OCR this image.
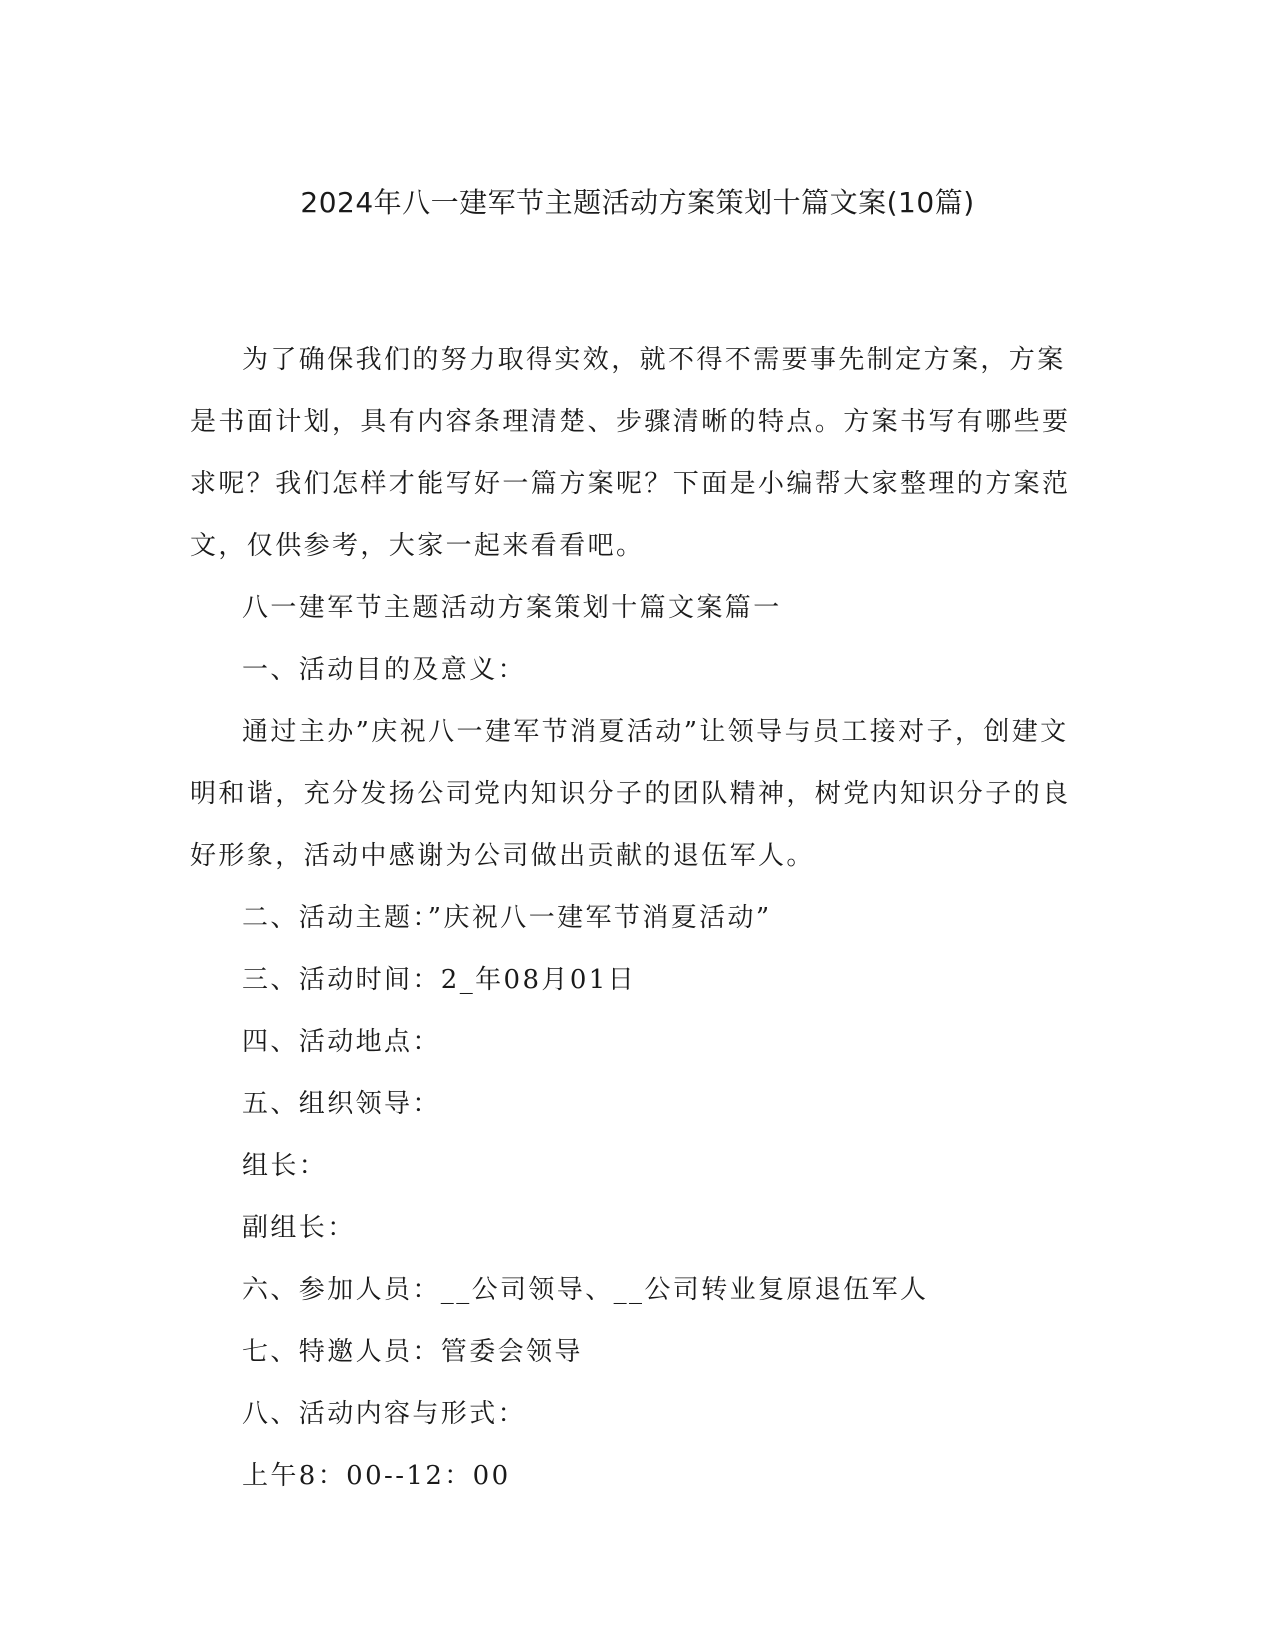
2024年八一建军节主题活动方案策划十篇文案(10篇)

为了确保我们的努力取得实效，就不得不需要事先制定方案，方案是书面计划，具有内容条理清楚、步骤清晰的特点。方案书写有哪些要求呢？我们怎样才能写好一篇方案呢？下面是小编帮大家整理的方案范文，仅供参考，大家一起来看看吧。

八一建军节主题活动方案策划十篇文案篇一

一、活动目的及意义：

通过主办”庆祝八一建军节消夏活动”让领导与员工接对子，创建文明和谐，充分发扬公司党内知识分子的团队精神，树党内知识分子的良好形象，活动中感谢为公司做出贡献的退伍军人。

二、活动主题：”庆祝八一建军节消夏活动”

三、活动时间：2_年08月01日

四、活动地点：

五、组织领导：

组长：

副组长：

六、参加人员：__公司领导、__公司转业复原退伍军人

七、特邀人员：管委会领导

八、活动内容与形式：

上午8：00--12：00
